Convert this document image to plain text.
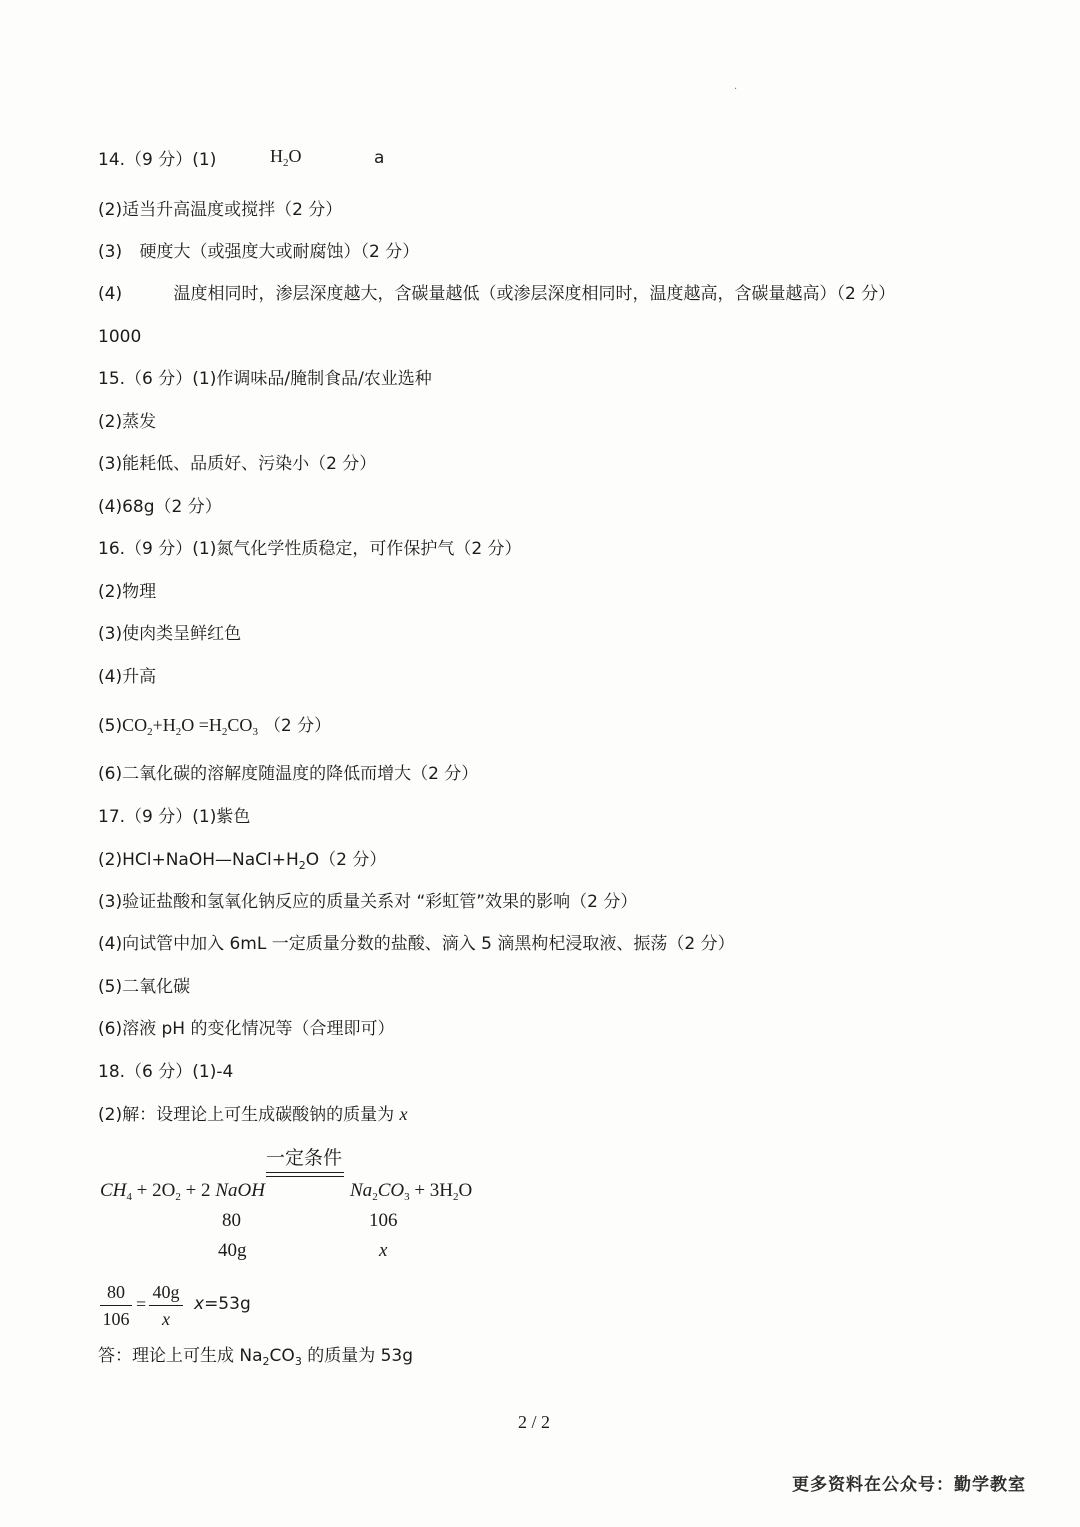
·
14.（9 分）(1)	$H_2O$	a
(2)适当升高温度或搅拌（2 分）
(3) 硬度大（或强度大或耐腐蚀）（2 分）
(4)	温度相同时，渗层深度越大，含碳量越低（或渗层深度相同时，温度越高，含碳量越高）（2 分）
1000
15.（6 分）(1)作调味品/腌制食品/农业选种
(2)蒸发
(3)能耗低、品质好、污染小（2 分）
(4)68g（2 分）
16.（9 分）(1)氮气化学性质稳定，可作保护气（2 分）
(2)物理
(3)使肉类呈鲜红色
(4)升高
$(5)CO_2+H_2O =H_2CO_3$ （2 分）
(6)二氧化碳的溶解度随温度的降低而增大（2 分）
17.（9 分）(1)紫色
$(2)HCl+NaOH—NaCl+H_2O(2$ 分）
(3)验证盐酸和氢氧化钠反应的质量关系对 “彩虹管”效果的影响（2 分）
(4)向试管中加入 6mL 一定质量分数的盐酸、滴入 5 滴黑枸杞浸取液、振荡（2 分）
(5)二氧化碳
(6)溶液 pH 的变化情况等（合理即可）
18.（6 分）(1)-4
(2)解：设理论上可生成碳酸钠的质量为 x
一定条件
$CH_4 + 2O_2 + 2$ NaOH	$Na_2CO_3 + 3H_2O$
80	106
40g	x
80
106
=
40g
x
x=53g
答：理论上可生成 $Na_2CO_3$ 的质量为 53g
2 / 2
更多资料在公众号：勤学教室
